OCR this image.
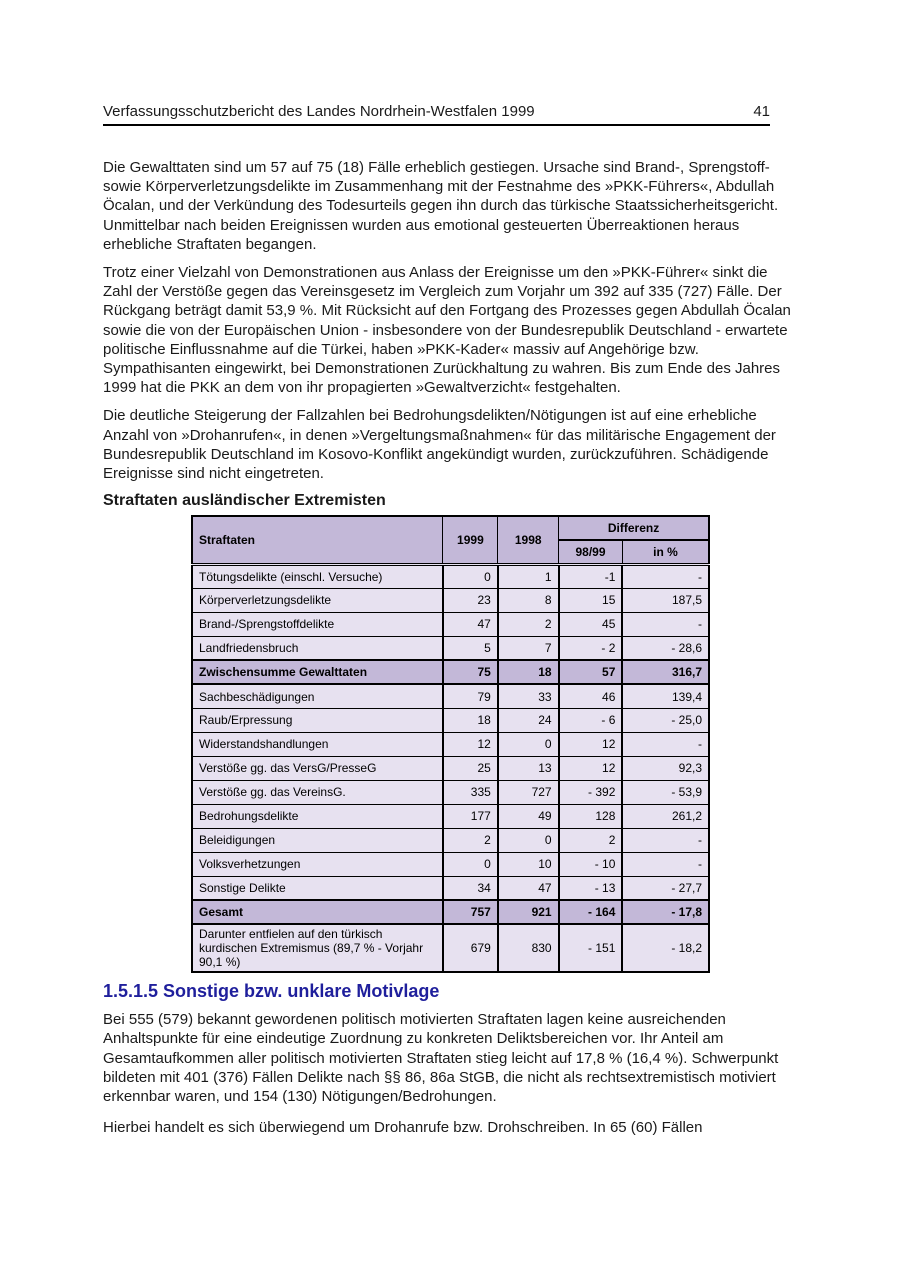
Verfassungsschutzbericht des Landes Nordrhein-Westfalen 1999	41

Die Gewalttaten sind um 57 auf 75 (18) Fälle erheblich gestiegen. Ursache sind Brand-, Sprengstoff- sowie Körperverletzungsdelikte im Zusammenhang mit der Festnahme des »PKK-Führers«, Abdullah Öcalan, und der Verkündung des Todesurteils gegen ihn durch das türkische Staatssicherheitsgericht. Unmittelbar nach beiden Ereignissen wurden aus emotional gesteuerten Überreaktionen heraus erhebliche Straftaten begangen.

Trotz einer Vielzahl von Demonstrationen aus Anlass der Ereignisse um den »PKK-Führer« sinkt die Zahl der Verstöße gegen das Vereinsgesetz im Vergleich zum Vorjahr um 392 auf 335 (727) Fälle. Der Rückgang beträgt damit 53,9 %. Mit Rücksicht auf den Fortgang des Prozesses gegen Abdullah Öcalan sowie die von der Europäischen Union - insbesondere von der Bundesrepublik Deutschland - erwartete politische Einflussnahme auf die Türkei, haben »PKK-Kader« massiv auf Angehörige bzw. Sympathisanten eingewirkt, bei Demonstrationen Zurückhaltung zu wahren. Bis zum Ende des Jahres 1999 hat die PKK an dem von ihr propagierten »Gewaltverzicht« festgehalten.

Die deutliche Steigerung der Fallzahlen bei Bedrohungsdelikten/Nötigungen ist auf eine erhebliche Anzahl von »Drohanrufen«, in denen »Vergeltungsmaßnahmen« für das militärische Engagement der Bundesrepublik Deutschland im Kosovo-Konflikt angekündigt wurden, zurückzuführen. Schädigende Ereignisse sind nicht eingetreten.

Straftaten ausländischer Extremisten
Straftaten	1999	1998	Differenz	
			98/99	in %
Tötungsdelikte (einschl. Versuche)	0	1	-1	-
Körperverletzungsdelikte	23	8	15	187,5
Brand-/Sprengstoffdelikte	47	2	45	-
Landfriedensbruch	5	7	- 2	- 28,6
Zwischensumme Gewalttaten	75	18	57	316,7
Sachbeschädigungen	79	33	46	139,4
Raub/Erpressung	18	24	- 6	- 25,0
Widerstandshandlungen	12	0	12	-
Verstöße gg. das VersG/PresseG	25	13	12	92,3
Verstöße gg. das VereinsG.	335	727	- 392	- 53,9
Bedrohungsdelikte	177	49	128	261,2
Beleidigungen	2	0	2	-
Volksverhetzungen	0	10	- 10	-
Sonstige Delikte	34	47	- 13	- 27,7
Gesamt	757	921	- 164	- 17,8
Darunter entfielen auf den türkisch kurdischen Extremismus (89,7 % - Vorjahr 90,1 %)	679	830	- 151	- 18,2
1.5.1.5 Sonstige bzw. unklare Motivlage

Bei 555 (579) bekannt gewordenen politisch motivierten Straftaten lagen keine ausreichenden Anhaltspunkte für eine eindeutige Zuordnung zu konkreten Deliktsbereichen vor. Ihr Anteil am Gesamtaufkommen aller politisch motivierten Straftaten stieg leicht auf 17,8 % (16,4 %). Schwerpunkt bildeten mit 401 (376) Fällen Delikte nach §§ 86, 86a StGB, die nicht als rechtsextremistisch motiviert erkennbar waren, und 154 (130) Nötigungen/Bedrohungen.

Hierbei handelt es sich überwiegend um Drohanrufe bzw. Drohschreiben. In 65 (60) Fällen
